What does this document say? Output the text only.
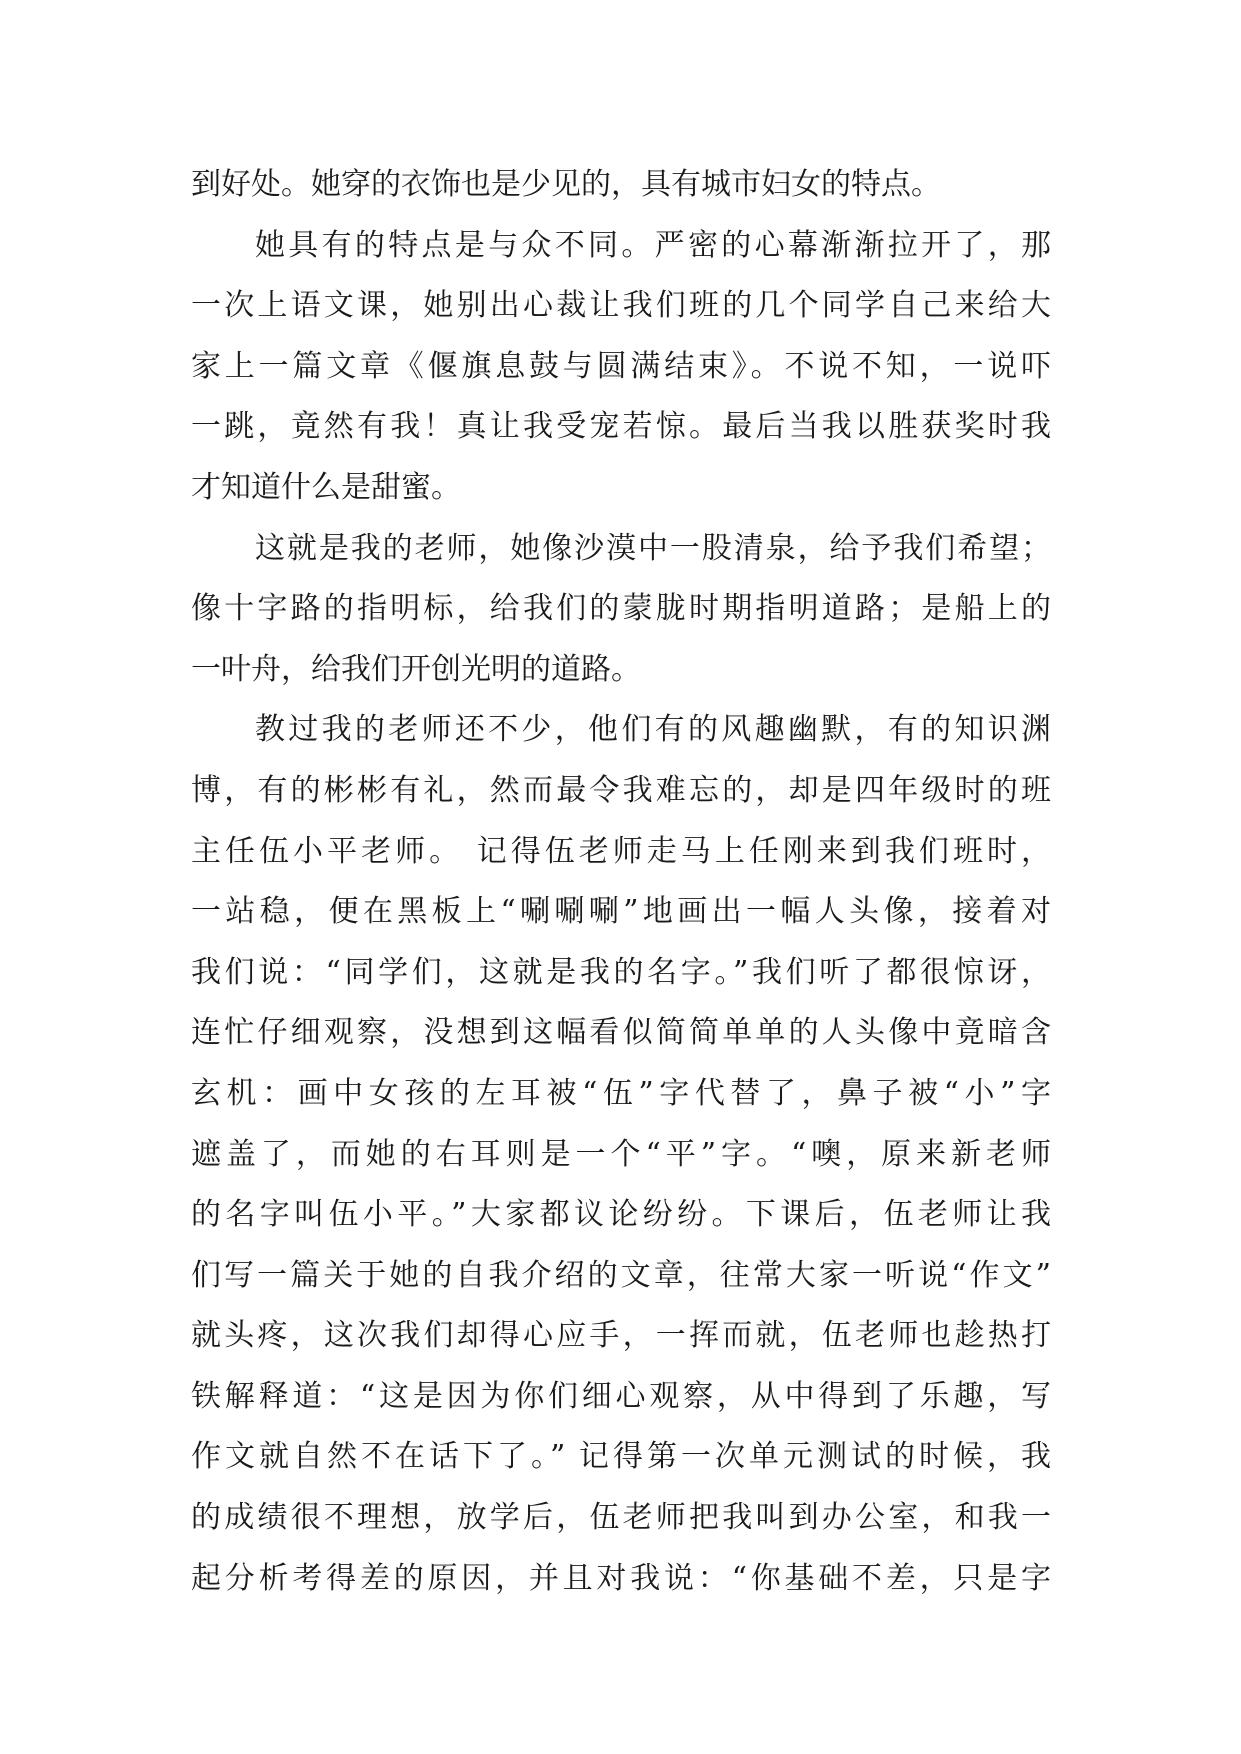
到好处。她穿的衣饰也是少见的，具有城市妇女的特点。
她具有的特点是与众不同。严密的心幕渐渐拉开了，那
一次上语文课，她别出心裁让我们班的几个同学自己来给大
家上一篇文章《偃旗息鼓与圆满结束》。不说不知，一说吓
一跳，竟然有我！真让我受宠若惊。最后当我以胜获奖时我
才知道什么是甜蜜。
这就是我的老师，她像沙漠中一股清泉，给予我们希望；
像十字路的指明标，给我们的蒙胧时期指明道路；是船上的
一叶舟，给我们开创光明的道路。
教过我的老师还不少，他们有的风趣幽默，有的知识渊
博，有的彬彬有礼，然而最令我难忘的，却是四年级时的班
主任伍小平老师。 记得伍老师走马上任刚来到我们班时，
一站稳，便在黑板上“唰唰唰”地画出一幅人头像，接着对
我们说：“同学们，这就是我的名字。”我们听了都很惊讶，
连忙仔细观察，没想到这幅看似简简单单的人头像中竟暗含
玄机：画中女孩的左耳被“伍”字代替了，鼻子被“小”字
遮盖了，而她的右耳则是一个“平”字。“噢，原来新老师
的名字叫伍小平。”大家都议论纷纷。下课后，伍老师让我
们写一篇关于她的自我介绍的文章，往常大家一听说“作文”
就头疼，这次我们却得心应手，一挥而就，伍老师也趁热打
铁解释道：“这是因为你们细心观察，从中得到了乐趣，写
作文就自然不在话下了。” 记得第一次单元测试的时候，我
的成绩很不理想，放学后，伍老师把我叫到办公室，和我一
起分析考得差的原因，并且对我说：“你基础不差，只是字
